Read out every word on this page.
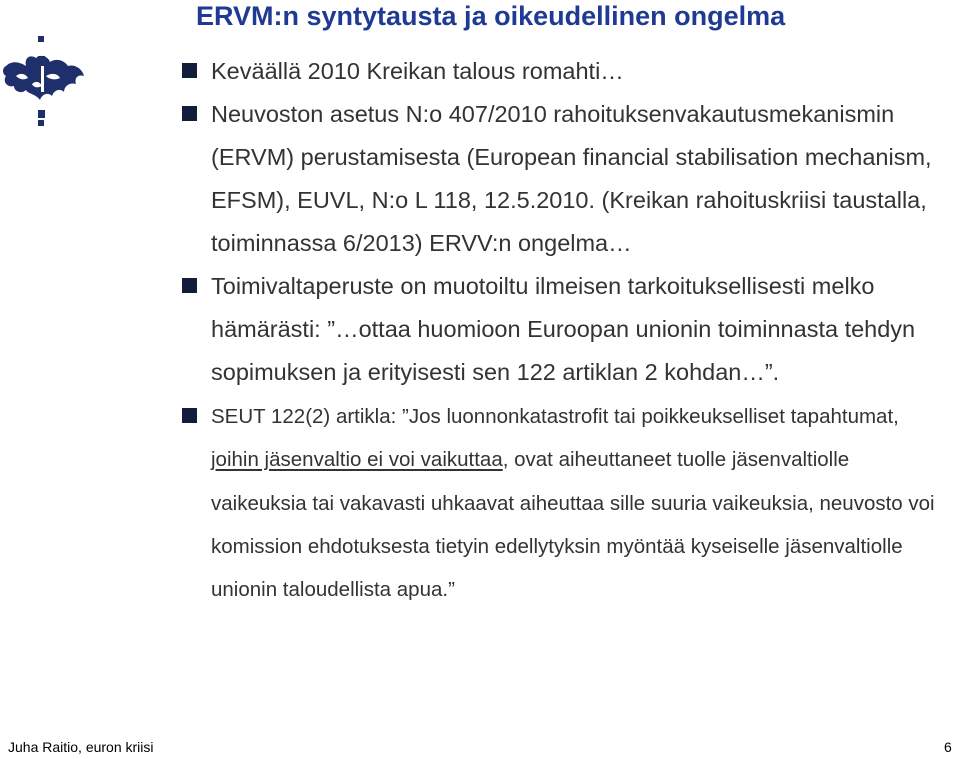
ERVM:n syntytausta ja oikeudellinen ongelma
Keväällä 2010 Kreikan talous romahti…
Neuvoston asetus N:o 407/2010 rahoituksenvakautusmekanismin (ERVM) perustamisesta (European financial stabilisation mechanism, EFSM), EUVL, N:o L 118, 12.5.2010. (Kreikan rahoituskriisi taustalla, toiminnassa 6/2013) ERVV:n ongelma…
Toimivaltaperuste on muotoiltu ilmeisen tarkoituksellisesti melko hämärästi: ”…ottaa huomioon Euroopan unionin toiminnasta tehdyn sopimuksen ja erityisesti sen 122 artiklan 2 kohdan…”.
SEUT 122(2) artikla: ”Jos luonnonkatastrofit tai poikkeukselliset tapahtumat, joihin jäsenvaltio ei voi vaikuttaa, ovat aiheuttaneet tuolle jäsenvaltiolle vaikeuksia tai vakavasti uhkaavat aiheuttaa sille suuria vaikeuksia, neuvosto voi komission ehdotuksesta tietyin edellytyksin myöntää kyseiselle jäsenvaltiolle unionin taloudellista apua.”
Juha Raitio, euron kriisi	6
